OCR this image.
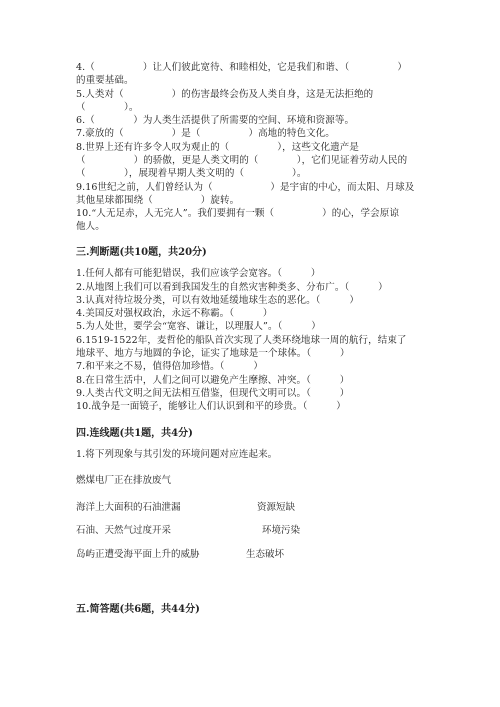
4.（　　　　　）让人们彼此宽待、和睦相处，它是我们和谐、（　　　　　）
的重要基础。
5.人类对（　　　　　）的伤害最终会伤及人类自身，这是无法拒绝的
（　　　　）。
6.（　　　　）为人类生活提供了所需要的空间、环境和资源等。
7.豪放的（　　　　　）是（　　　　　）高地的特色文化。
8.世界上还有许多令人叹为观止的（　　　　　），这些文化遗产是
（　　　　　）的骄傲，更是人类文明的（　　　　），它们见证着劳动人民的
（　　　　），展现着早期人类文明的（　　　　　）。
9.16世纪之前，人们曾经认为（　　　　　　）是宇宙的中心，而太阳、月球及
其他星球都围绕（　　　　　）旋转。
10.“人无足赤，人无完人”。我们要拥有一颗（　　　　　）的心，学会原谅
他人。
三.判断题(共10题，共20分)
1.任何人都有可能犯错误，我们应该学会宽容。（　　　）
2.从地图上我们可以看到我国发生的自然灾害种类多、分布广。（　　　）
3.认真对待垃圾分类，可以有效地延缓地球生态的恶化。（　　　）
4.美国反对强权政治，永远不称霸。（　　　）
5.为人处世，要学会“宽容、谦让，以理服人”。（　　　）
6.1519-1522年，麦哲伦的船队首次实现了人类环绕地球一周的航行，结束了
地球平、地方与地圆的争论，证实了地球是一个球体。（　　　）
7.和平来之不易，值得倍加珍惜。（　　　）
8.在日常生活中，人们之间可以避免产生摩擦、冲突。（　　　）
9.人类古代文明之间无法相互借鉴，但现代文明可以。（　　　）
10.战争是一面镜子，能够让人们认识到和平的珍贵。（　　　）
四.连线题(共1题，共4分)
1.将下列现象与其引发的环境问题对应连起来。
燃煤电厂正在排放废气
海洋上大面积的石油泄漏	资源短缺
石油、天然气过度开采	环境污染
岛屿正遭受海平面上升的威胁	生态破坏
五.简答题(共6题，共44分)
